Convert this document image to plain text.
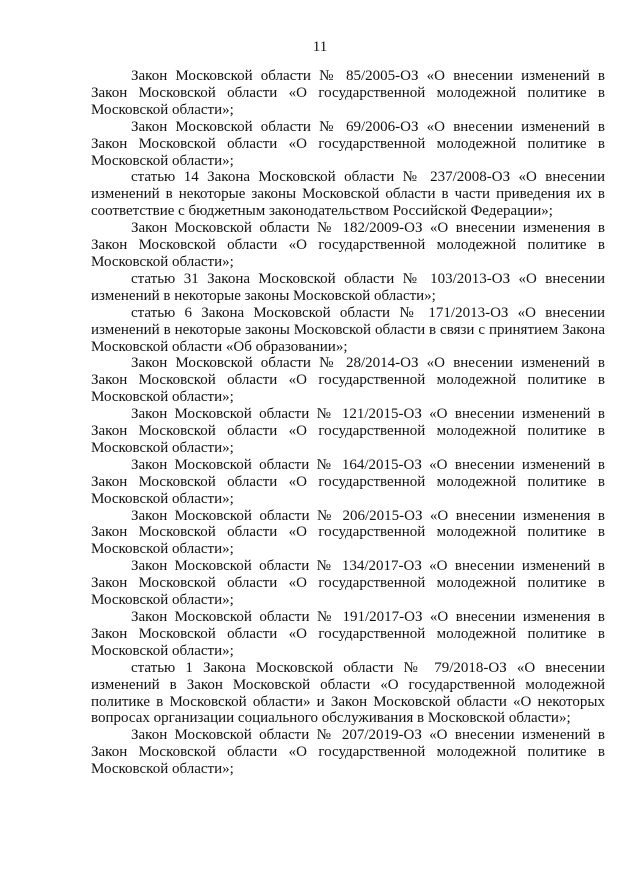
11

Закон Московской области № 85/2005-ОЗ «О внесении изменений в Закон Московской области «О государственной молодежной политике в Московской области»;

Закон Московской области № 69/2006-ОЗ «О внесении изменений в Закон Московской области «О государственной молодежной политике в Московской области»;

статью 14 Закона Московской области № 237/2008-ОЗ «О внесении изменений в некоторые законы Московской области в части приведения их в соответствие с бюджетным законодательством Российской Федерации»;

Закон Московской области № 182/2009-ОЗ «О внесении изменения в Закон Московской области «О государственной молодежной политике в Московской области»;

статью 31 Закона Московской области № 103/2013-ОЗ «О внесении изменений в некоторые законы Московской области»;

статью 6 Закона Московской области № 171/2013-ОЗ «О внесении изменений в некоторые законы Московской области в связи с принятием Закона Московской области «Об образовании»;

Закон Московской области № 28/2014-ОЗ «О внесении изменений в Закон Московской области «О государственной молодежной политике в Московской области»;

Закон Московской области № 121/2015-ОЗ «О внесении изменений в Закон Московской области «О государственной молодежной политике в Московской области»;

Закон Московской области № 164/2015-ОЗ «О внесении изменений в Закон Московской области «О государственной молодежной политике в Московской области»;

Закон Московской области № 206/2015-ОЗ «О внесении изменения в Закон Московской области «О государственной молодежной политике в Московской области»;

Закон Московской области № 134/2017-ОЗ «О внесении изменений в Закон Московской области «О государственной молодежной политике в Московской области»;

Закон Московской области № 191/2017-ОЗ «О внесении изменения в Закон Московской области «О государственной молодежной политике в Московской области»;

статью 1 Закона Московской области № 79/2018-ОЗ «О внесении изменений в Закон Московской области «О государственной молодежной политике в Московской области» и Закон Московской области «О некоторых вопросах организации социального обслуживания в Московской области»;

Закон Московской области № 207/2019-ОЗ «О внесении изменений в Закон Московской области «О государственной молодежной политике в Московской области»;
